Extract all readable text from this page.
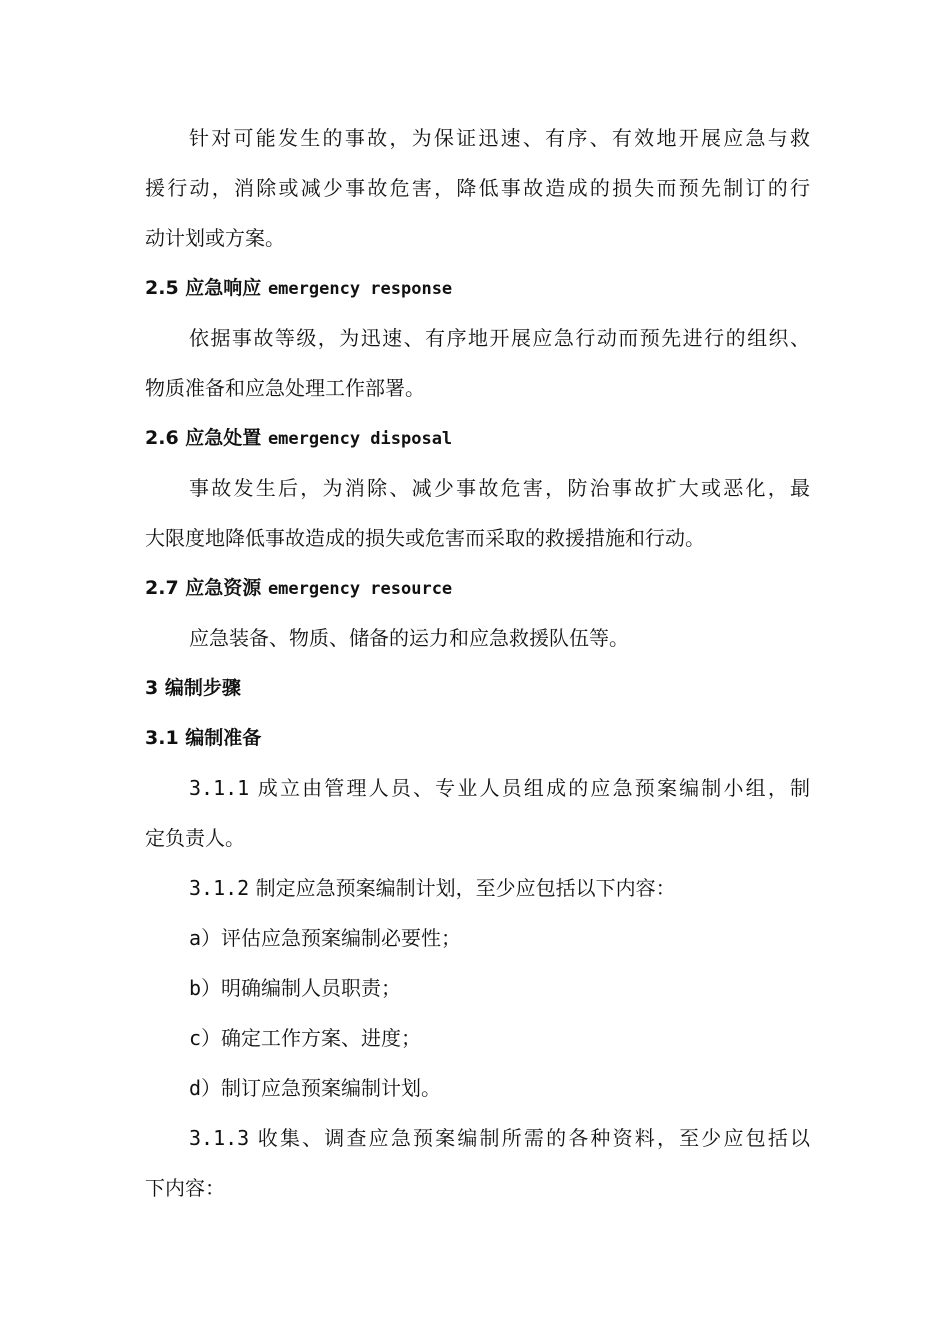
针对可能发生的事故，为保证迅速、有序、有效地开展应急与救

援行动，消除或减少事故危害，降低事故造成的损失而预先制订的行

动计划或方案。

2.5 应急响应 emergency response

依据事故等级，为迅速、有序地开展应急行动而预先进行的组织、

物质准备和应急处理工作部署。

2.6 应急处置 emergency disposal

事故发生后，为消除、减少事故危害，防治事故扩大或恶化，最

大限度地降低事故造成的损失或危害而采取的救援措施和行动。

2.7 应急资源 emergency resource

应急装备、物质、储备的运力和应急救援队伍等。

3 编制步骤

3.1 编制准备

3.1.1 成立由管理人员、专业人员组成的应急预案编制小组，制

定负责人。

3.1.2 制定应急预案编制计划，至少应包括以下内容：

a）评估应急预案编制必要性；

b）明确编制人员职责；

c）确定工作方案、进度；

d）制订应急预案编制计划。

3.1.3 收集、调查应急预案编制所需的各种资料，至少应包括以

下内容：
